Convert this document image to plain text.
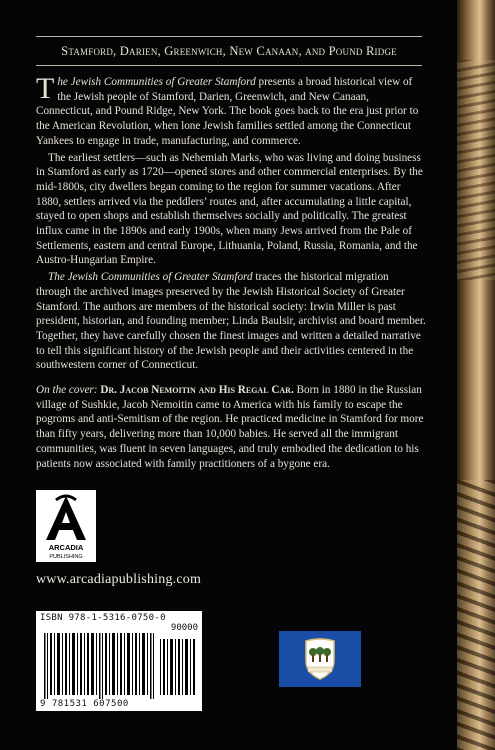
Stamford, Darien, Greenwich, New Canaan, and Pound Ridge

The Jewish Communities of Greater Stamford presents a broad historical view of the Jewish people of Stamford, Darien, Greenwich, and New Canaan, Connecticut, and Pound Ridge, New York. The book goes back to the era just prior to the American Revolution, when lone Jewish families settled among the Connecticut Yankees to engage in trade, manufacturing, and commerce.

The earliest settlers—such as Nehemiah Marks, who was living and doing business in Stamford as early as 1720—opened stores and other commercial enterprises. By the mid-1800s, city dwellers began coming to the region for summer vacations. After 1880, settlers arrived via the peddlers’ routes and, after accumulating a little capital, stayed to open shops and establish themselves socially and politically. The greatest influx came in the 1890s and early 1900s, when many Jews arrived from the Pale of Settlements, eastern and central Europe, Lithuania, Poland, Russia, Romania, and the Austro-Hungarian Empire.

The Jewish Communities of Greater Stamford traces the historical migration through the archived images preserved by the Jewish Historical Society of Greater Stamford. The authors are members of the historical society: Irwin Miller is past president, historian, and founding member; Linda Baulsir, archivist and board member. Together, they have carefully chosen the finest images and written a detailed narrative to tell this significant history of the Jewish people and their activities centered in the southwestern corner of Connecticut.

On the cover: Dr. Jacob Nemoitin and His Regal Car. Born in 1880 in the Russian village of Sushkie, Jacob Nemoitin came to America with his family to escape the pogroms and anti-Semitism of the region. He practiced medicine in Stamford for more than fifty years, delivering more than 10,000 babies. He served all the immigrant communities, was fluent in seven languages, and truly embodied the dedication to his patients now associated with family practitioners of a bygone era.

ARCADIA
PUBLISHING
www.arcadiapublishing.com
ISBN 978-1-5316-0750-0
90000
9 781531 607500
